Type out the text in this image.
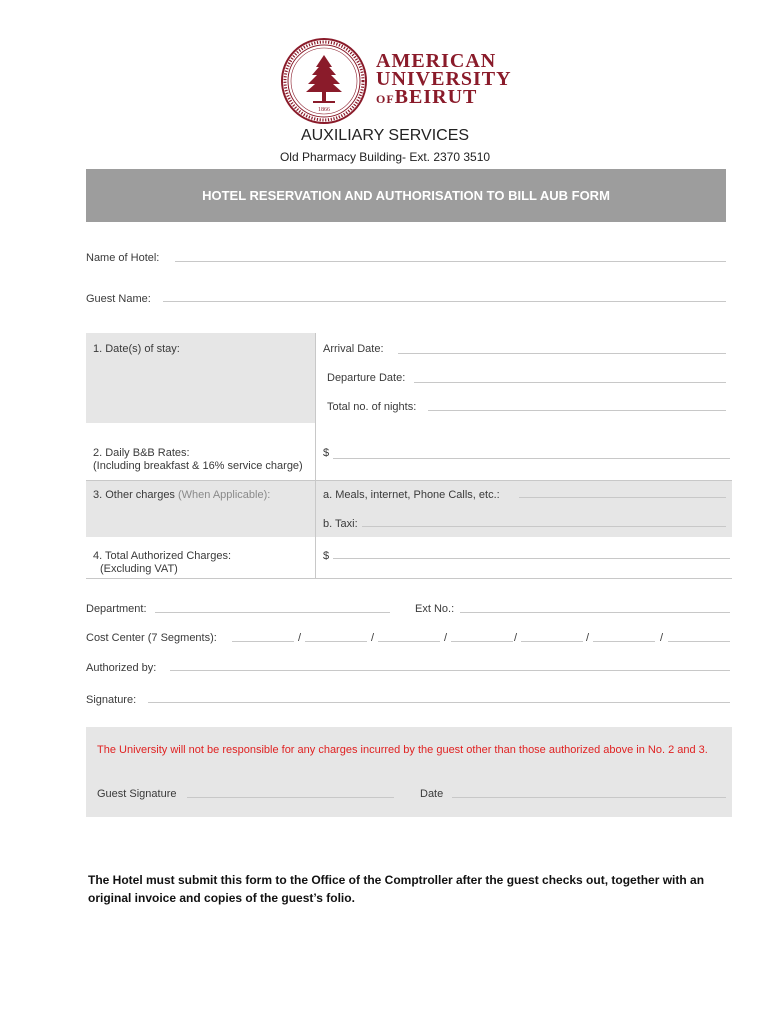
1866
AMERICAN
UNIVERSITY
OFBEIRUT
AUXILIARY SERVICES
Old Pharmacy Building- Ext. 2370 3510
HOTEL RESERVATION AND AUTHORISATION TO BILL AUB FORM
Name of Hotel:
Guest Name:
1. Date(s) of stay:	Arrival Date:
Departure Date:
Total no. of nights:
2. Daily B&B Rates:
(Including breakfast & 16% service charge)
$
3. Other charges (When Applicable):	a. Meals, internet, Phone Calls, etc.:
b. Taxi:
4. Total Authorized Charges:
(Excluding VAT)
$
Department:	Ext No.:
Cost Center (7 Segments):	/	/	/	/	/	/
Authorized by:
Signature:
The University will not be responsible for any charges incurred by the guest other than those authorized above in No. 2 and 3.
Guest Signature	Date
The Hotel must submit this form to the Office of the Comptroller after the guest checks out, together with an original invoice and copies of the guest’s folio.
